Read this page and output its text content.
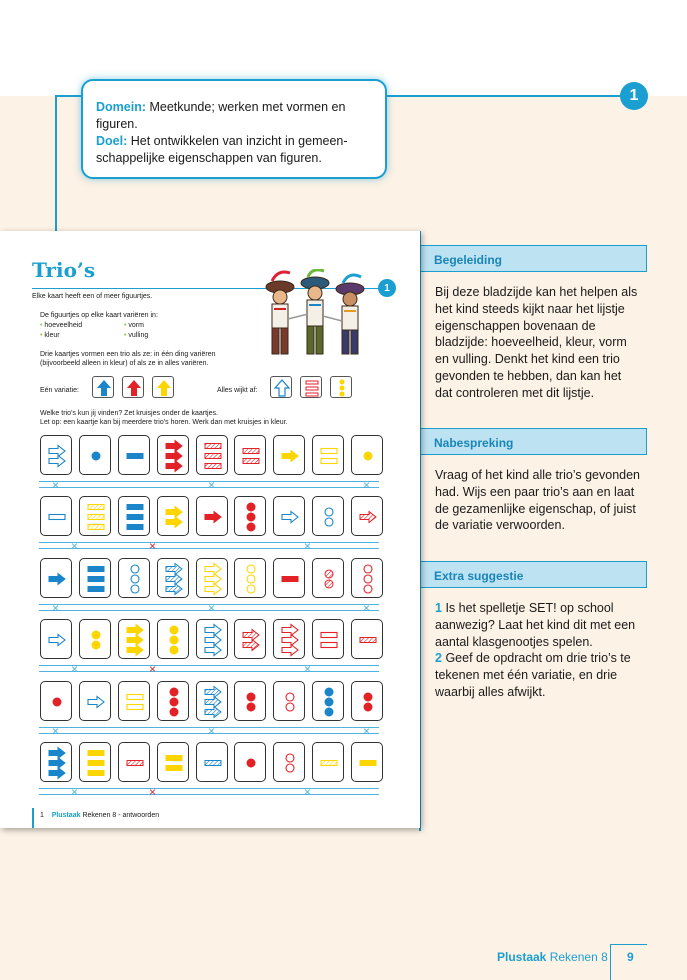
1
Domein: Meetkunde; werken met vormen en figuren.
Doel: Het ontwikkelen van inzicht in gemeen-schappelijke eigenschappen van figuren.
Begeleiding
Bij deze bladzijde kan het helpen als het kind steeds kijkt naar het lijstje eigenschappen bovenaan de bladzijde: hoeveelheid, kleur, vorm en vulling. Denkt het kind een trio gevonden te hebben, dan kan het dat controleren met dit lijstje.
Nabespreking
Vraag of het kind alle trio’s gevonden had. Wijs een paar trio’s aan en laat de gezamenlijke eigenschap, of juist de variatie verwoorden.
Extra suggestie
1 Is het spelletje SET! op school aanwezig? Laat het kind dit met een aantal klasgenootjes spelen.
2 Geef de opdracht om drie trio’s te tekenen met één variatie, en drie waarbij alles afwijkt.
Trio’s
1
Elke kaart heeft een of meer figuurtjes.
De figuurtjes op elke kaart variëren in:
• hoeveelheid	• vorm
• kleur	• vulling
Drie kaartjes vormen een trio als ze: in één ding variëren
(bijvoorbeeld alleen in kleur) of als ze in alles variëren.
Eén variatie:	Alles wijkt af:
Welke trio’s kun jij vinden? Zet kruisjes onder de kaartjes.
Let op: een kaartje kan bij meerdere trio’s horen. Werk dan met kruisjes in kleur.
×	×	×
×	×	×
×	×	×
×	×	×
×	×	×
×	×	×
1 Plustaak Rekenen 8 - antwoorden
Plustaak Rekenen 8 9
